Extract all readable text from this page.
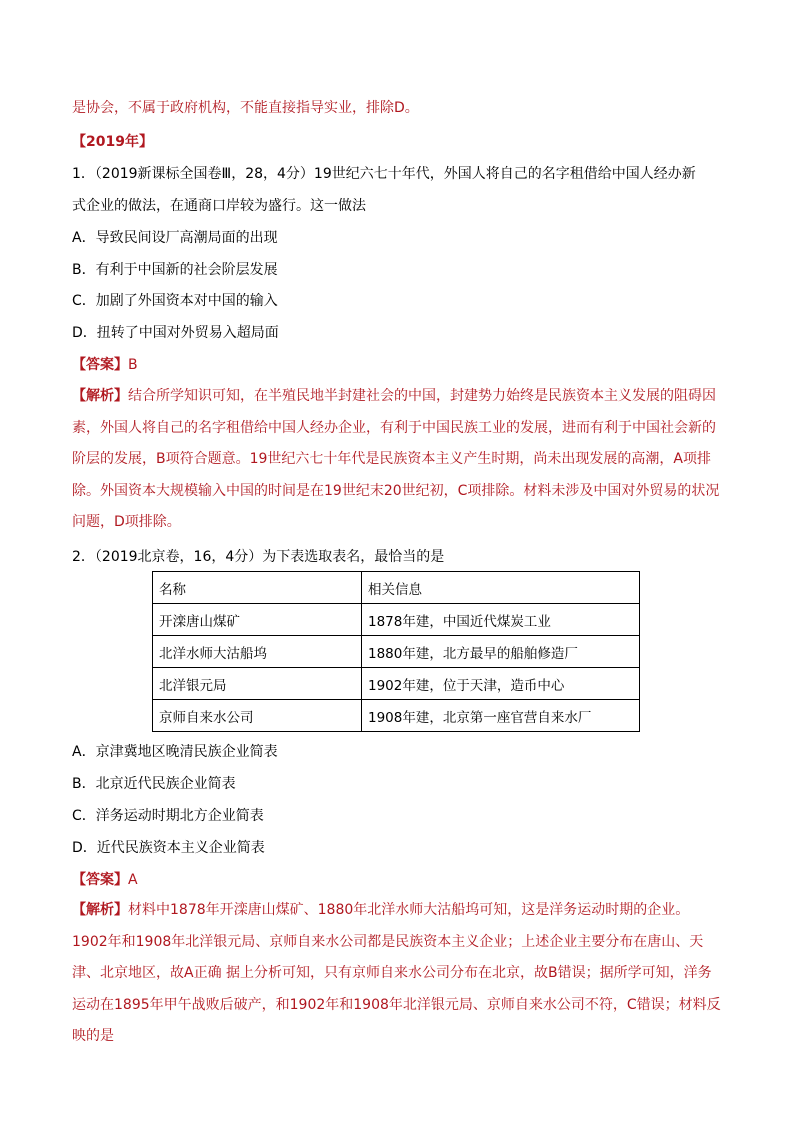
是协会，不属于政府机构，不能直接指导实业，排除D。
【2019年】
1．（2019新课标全国卷Ⅲ，28，4分）19世纪六七十年代，外国人将自己的名字租借给中国人经办新
式企业的做法，在通商口岸较为盛行。这一做法
A．导致民间设厂高潮局面的出现
B．有利于中国新的社会阶层发展
C．加剧了外国资本对中国的输入
D．扭转了中国对外贸易入超局面
【答案】B
【解析】结合所学知识可知，在半殖民地半封建社会的中国，封建势力始终是民族资本主义发展的阻碍因素，外国人将自己的名字租借给中国人经办企业，有利于中国民族工业的发展，进而有利于中国社会新的阶层的发展，B项符合题意。19世纪六七十年代是民族资本主义产生时期，尚未出现发展的高潮，A项排除。外国资本大规模输入中国的时间是在19世纪末20世纪初，C项排除。材料未涉及中国对外贸易的状况问题，D项排除。
2．（2019北京卷，16，4分）为下表选取表名，最恰当的是
名称	相关信息
开滦唐山煤矿	1878年建，中国近代煤炭工业
北洋水师大沽船坞	1880年建，北方最早的船舶修造厂
北洋银元局	1902年建，位于天津，造币中心
京师自来水公司	1908年建，北京第一座官营自来水厂
A．京津冀地区晚清民族企业简表
B．北京近代民族企业简表
C．洋务运动时期北方企业简表
D．近代民族资本主义企业简表
【答案】A
【解析】材料中1878年开滦唐山煤矿、1880年北洋水师大沽船坞可知，这是洋务运动时期的企业。1902年和1908年北洋银元局、京师自来水公司都是民族资本主义企业；上述企业主要分布在唐山、天津、北京地区，故A正确 据上分析可知，只有京师自来水公司分布在北京，故B错误；据所学可知，洋务运动在1895年甲午战败后破产，和1902年和1908年北洋银元局、京师自来水公司不符，C错误；材料反映的是
